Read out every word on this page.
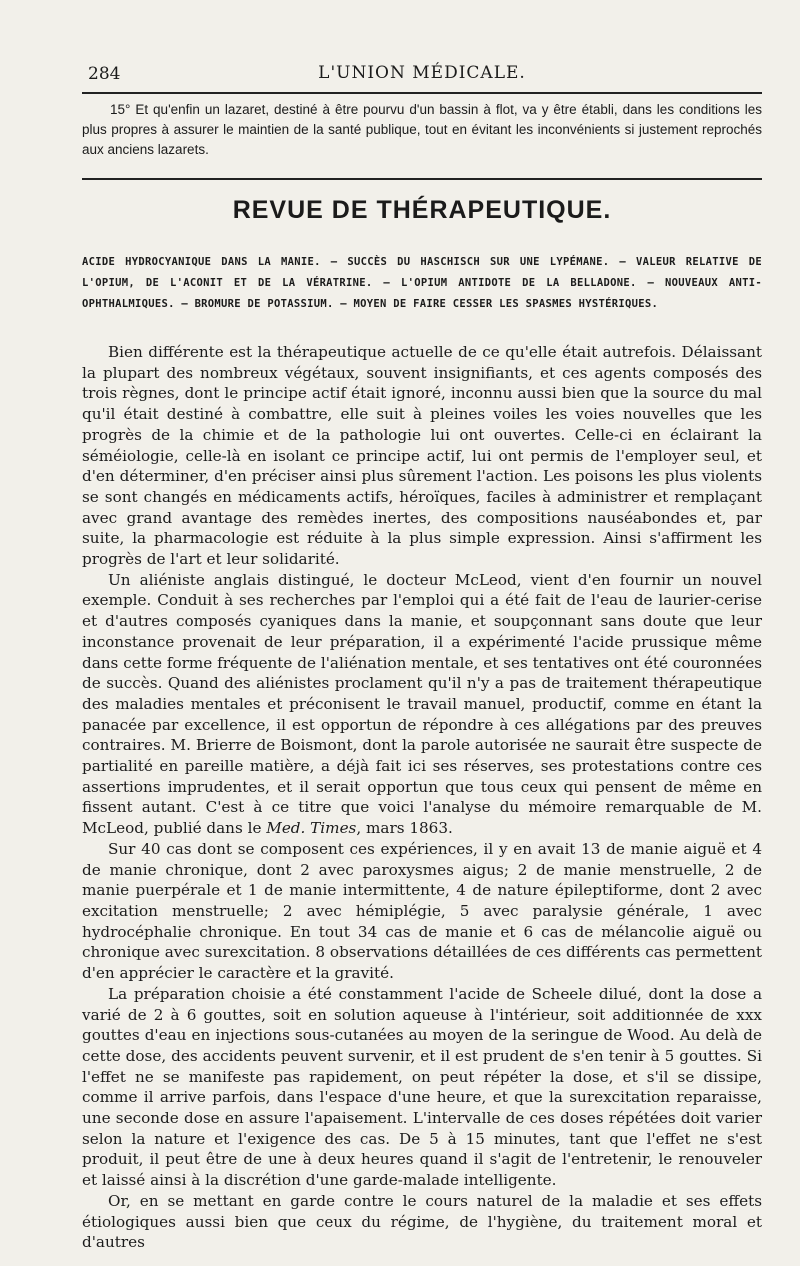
284	L'UNION MÉDICALE.
15° Et qu'enfin un lazaret, destiné à être pourvu d'un bassin à flot, va y être établi, dans les conditions les plus propres à assurer le maintien de la santé publique, tout en évitant les inconvénients si justement reprochés aux anciens lazarets.
REVUE DE THÉRAPEUTIQUE.
ACIDE HYDROCYANIQUE DANS LA MANIE. — SUCCÈS DU HASCHISCH SUR UNE LYPÉMANE. — VALEUR RELATIVE DE L'OPIUM, DE L'ACONIT ET DE LA VÉRATRINE. — L'OPIUM ANTIDOTE DE LA BELLADONE. — NOUVEAUX ANTI-OPHTHALMIQUES. — BROMURE DE POTASSIUM. — MOYEN DE FAIRE CESSER LES SPASMES HYSTÉRIQUES.

Bien différente est la thérapeutique actuelle de ce qu'elle était autrefois. Délaissant la plupart des nombreux végétaux, souvent insignifiants, et ces agents composés des trois règnes, dont le principe actif était ignoré, inconnu aussi bien que la source du mal qu'il était destiné à combattre, elle suit à pleines voiles les voies nouvelles que les progrès de la chimie et de la pathologie lui ont ouvertes. Celle-ci en éclairant la séméiologie, celle-là en isolant ce principe actif, lui ont permis de l'employer seul, et d'en déterminer, d'en préciser ainsi plus sûrement l'action. Les poisons les plus violents se sont changés en médicaments actifs, héroïques, faciles à administrer et remplaçant avec grand avantage des remèdes inertes, des compositions nauséabondes et, par suite, la pharmacologie est réduite à la plus simple expression. Ainsi s'affirment les progrès de l'art et leur solidarité.

Un aliéniste anglais distingué, le docteur McLeod, vient d'en fournir un nouvel exemple. Conduit à ses recherches par l'emploi qui a été fait de l'eau de laurier-cerise et d'autres composés cyaniques dans la manie, et soupçonnant sans doute que leur inconstance provenait de leur préparation, il a expérimenté l'acide prussique même dans cette forme fréquente de l'aliénation mentale, et ses tentatives ont été couronnées de succès. Quand des aliénistes proclament qu'il n'y a pas de traitement thérapeutique des maladies mentales et préconisent le travail manuel, productif, comme en étant la panacée par excellence, il est opportun de répondre à ces allégations par des preuves contraires. M. Brierre de Boismont, dont la parole autorisée ne saurait être suspecte de partialité en pareille matière, a déjà fait ici ses réserves, ses protestations contre ces assertions imprudentes, et il serait opportun que tous ceux qui pensent de même en fissent autant. C'est à ce titre que voici l'analyse du mémoire remarquable de M. McLeod, publié dans le Med. Times, mars 1863.

Sur 40 cas dont se composent ces expériences, il y en avait 13 de manie aiguë et 4 de manie chronique, dont 2 avec paroxysmes aigus; 2 de manie menstruelle, 2 de manie puerpérale et 1 de manie intermittente, 4 de nature épileptiforme, dont 2 avec excitation menstruelle; 2 avec hémiplégie, 5 avec paralysie générale, 1 avec hydrocéphalie chronique. En tout 34 cas de manie et 6 cas de mélancolie aiguë ou chronique avec surexcitation. 8 observations détaillées de ces différents cas permettent d'en apprécier le caractère et la gravité.

La préparation choisie a été constamment l'acide de Scheele dilué, dont la dose a varié de 2 à 6 gouttes, soit en solution aqueuse à l'intérieur, soit additionnée de xxx gouttes d'eau en injections sous-cutanées au moyen de la seringue de Wood. Au delà de cette dose, des accidents peuvent survenir, et il est prudent de s'en tenir à 5 gouttes. Si l'effet ne se manifeste pas rapidement, on peut répéter la dose, et s'il se dissipe, comme il arrive parfois, dans l'espace d'une heure, et que la surexcitation reparaisse, une seconde dose en assure l'apaisement. L'intervalle de ces doses répétées doit varier selon la nature et l'exigence des cas. De 5 à 15 minutes, tant que l'effet ne s'est produit, il peut être de une à deux heures quand il s'agit de l'entretenir, le renouveler et laissé ainsi à la discrétion d'une garde-malade intelligente.

Or, en se mettant en garde contre le cours naturel de la maladie et ses effets étiologiques aussi bien que ceux du régime, de l'hygiène, du traitement moral et d'autres
